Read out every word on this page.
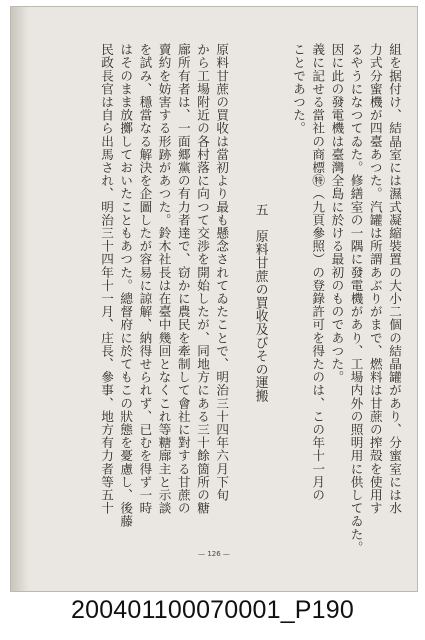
組を据付け、結晶室には濕式凝縮裝置の大小二個の結晶罐があり、分蜜室には水
力式分蜜機が四臺あつた。汽罐は所謂あぶりがまで、燃料は甘蔗の搾殻を使用す
るやうになつてゐた。修繕室の一隅に發電機があり、工場内外の照明用に供してゐた。
因に此の發電機は臺灣全島に於ける最初のものであつた。
義に記せる當社の商標㊕（九頁參照）の登錄許可を得たのは、この年十一月の
ことであつた。
五　原料甘蔗の買收及びその運搬
原料甘蔗の買收は當初より最も懸念されてゐたことで、明治三十四年六月下旬
から工場附近の各村落に向つて交渉を開始したが、同地方にある三十餘箇所の糖
廍所有者は、一面郷黨の有力者達で、窃かに農民を牽制して會社に對する甘蔗の
賣約を妨害する形跡があつた。鈴木社長は在臺中幾回となくこれ等糖廍主と示談
を試み、穩當なる解決を企圖したが容易に諒解、納得せられず、已むを得ず一時
はそのまま放擲しておいたこともあつた。總督府に於てもこの狀態を憂慮し、後藤
民政長官は自ら出馬され、明治三十四年十一月、庄長、參事、地方有力者等五十
— 126 —
200401100070001_P190
